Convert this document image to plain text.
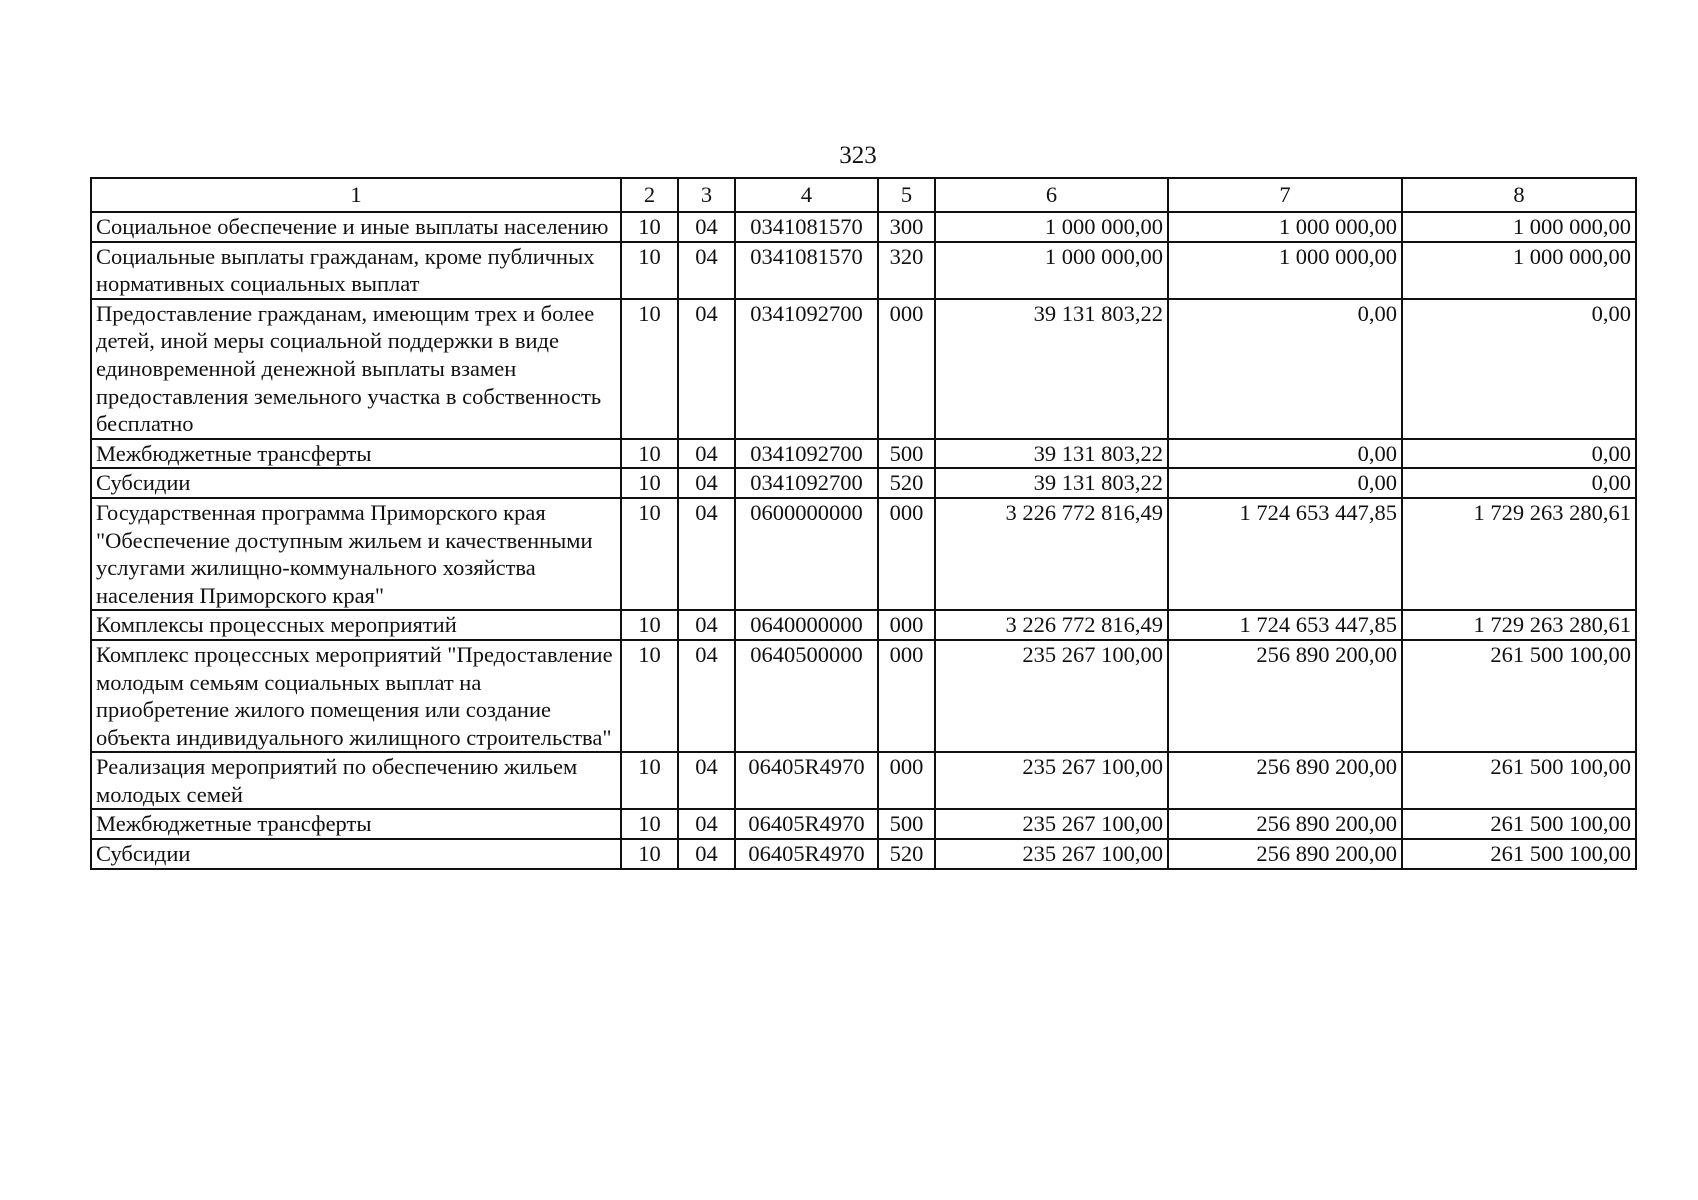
323
1	2	3	4	5	6	7	8
Социальное обеспечение и иные выплаты населению	10	04	0341081570	300	1 000 000,00	1 000 000,00	1 000 000,00
Социальные выплаты гражданам, кроме публичных нормативных социальных выплат	10	04	0341081570	320	1 000 000,00	1 000 000,00	1 000 000,00
Предоставление гражданам, имеющим трех и более детей, иной меры социальной поддержки в виде единовременной денежной выплаты взамен предоставления земельного участка в собственность бесплатно	10	04	0341092700	000	39 131 803,22	0,00	0,00
Межбюджетные трансферты	10	04	0341092700	500	39 131 803,22	0,00	0,00
Субсидии	10	04	0341092700	520	39 131 803,22	0,00	0,00
Государственная программа Приморского края "Обеспечение доступным жильем и качественными услугами жилищно-коммунального хозяйства населения Приморского края"	10	04	0600000000	000	3 226 772 816,49	1 724 653 447,85	1 729 263 280,61
Комплексы процессных мероприятий	10	04	0640000000	000	3 226 772 816,49	1 724 653 447,85	1 729 263 280,61
Комплекс процессных мероприятий "Предоставление молодым семьям социальных выплат на приобретение жилого помещения или создание объекта индивидуального жилищного строительства"	10	04	0640500000	000	235 267 100,00	256 890 200,00	261 500 100,00
Реализация мероприятий по обеспечению жильем молодых семей	10	04	06405R4970	000	235 267 100,00	256 890 200,00	261 500 100,00
Межбюджетные трансферты	10	04	06405R4970	500	235 267 100,00	256 890 200,00	261 500 100,00
Субсидии	10	04	06405R4970	520	235 267 100,00	256 890 200,00	261 500 100,00
